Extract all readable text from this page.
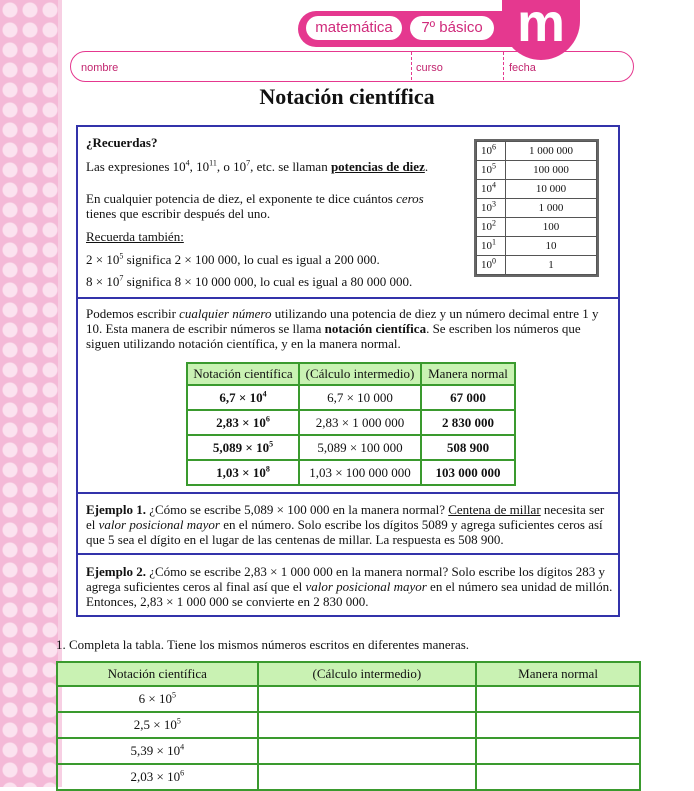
matemática	7º básico m
nombre	curso	fecha
Notación científica

¿Recuerdas?

Las expresiones $10^4$, $10^{11}$, o $10^7$, etc. se llaman potencias de diez.

En cualquier potencia de diez, el exponente te dice cuántos ceros
tienes que escribir después del uno.

Recuerda también:

$2 \times 10^5$ significa 2 × 100 000, lo cual es igual a 200 000.

$8 \times 10^7$ significa 8 × 10 000 000, lo cual es igual a 80 000 000.

$10^6$	1 000 000
$10^5$	100 000
$10^4$	10 000
$10^3$	1 000
$10^2$	100
$10^1$	10
$10^0$	1

Podemos escribir cualquier número utilizando una potencia de diez y un número decimal entre 1 y 10. Esta manera de escribir números se llama notación científica. Se escriben los números que siguen utilizando notación científica, y en la manera normal.

Notación científica	(Cálculo intermedio)	Manera normal
$6,7 \times 10^4$	6,7 × 10 000	67 000
$2,83 \times 10^6$	2,83 × 1 000 000	2 830 000
$5,089 \times 10^5$	5,089 × 100 000	508 900
$1,03 \times 10^8$	1,03 × 100 000 000	103 000 000

Ejemplo 1. ¿Cómo se escribe 5,089 × 100 000 en la manera normal? Centena de millar necesita ser el valor posicional mayor en el número. Solo escribe los dígitos 5089 y agrega suficientes ceros así que 5 sea el dígito en el lugar de las centenas de millar. La respuesta es 508 900.

Ejemplo 2. ¿Cómo se escribe 2,83 × 1 000 000 en la manera normal? Solo escribe los dígitos 283 y agrega suficientes ceros al final así que el valor posicional mayor en el número sea unidad de millón. Entonces, 2,83 × 1 000 000 se convierte en 2 830 000.

1. Completa la tabla. Tiene los mismos números escritos en diferentes maneras.

Notación científica	(Cálculo intermedio)	Manera normal
$6 \times 10^5$		
$2,5 \times 10^5$		
$5,39 \times 10^4$		
$2,03 \times 10^6$		
